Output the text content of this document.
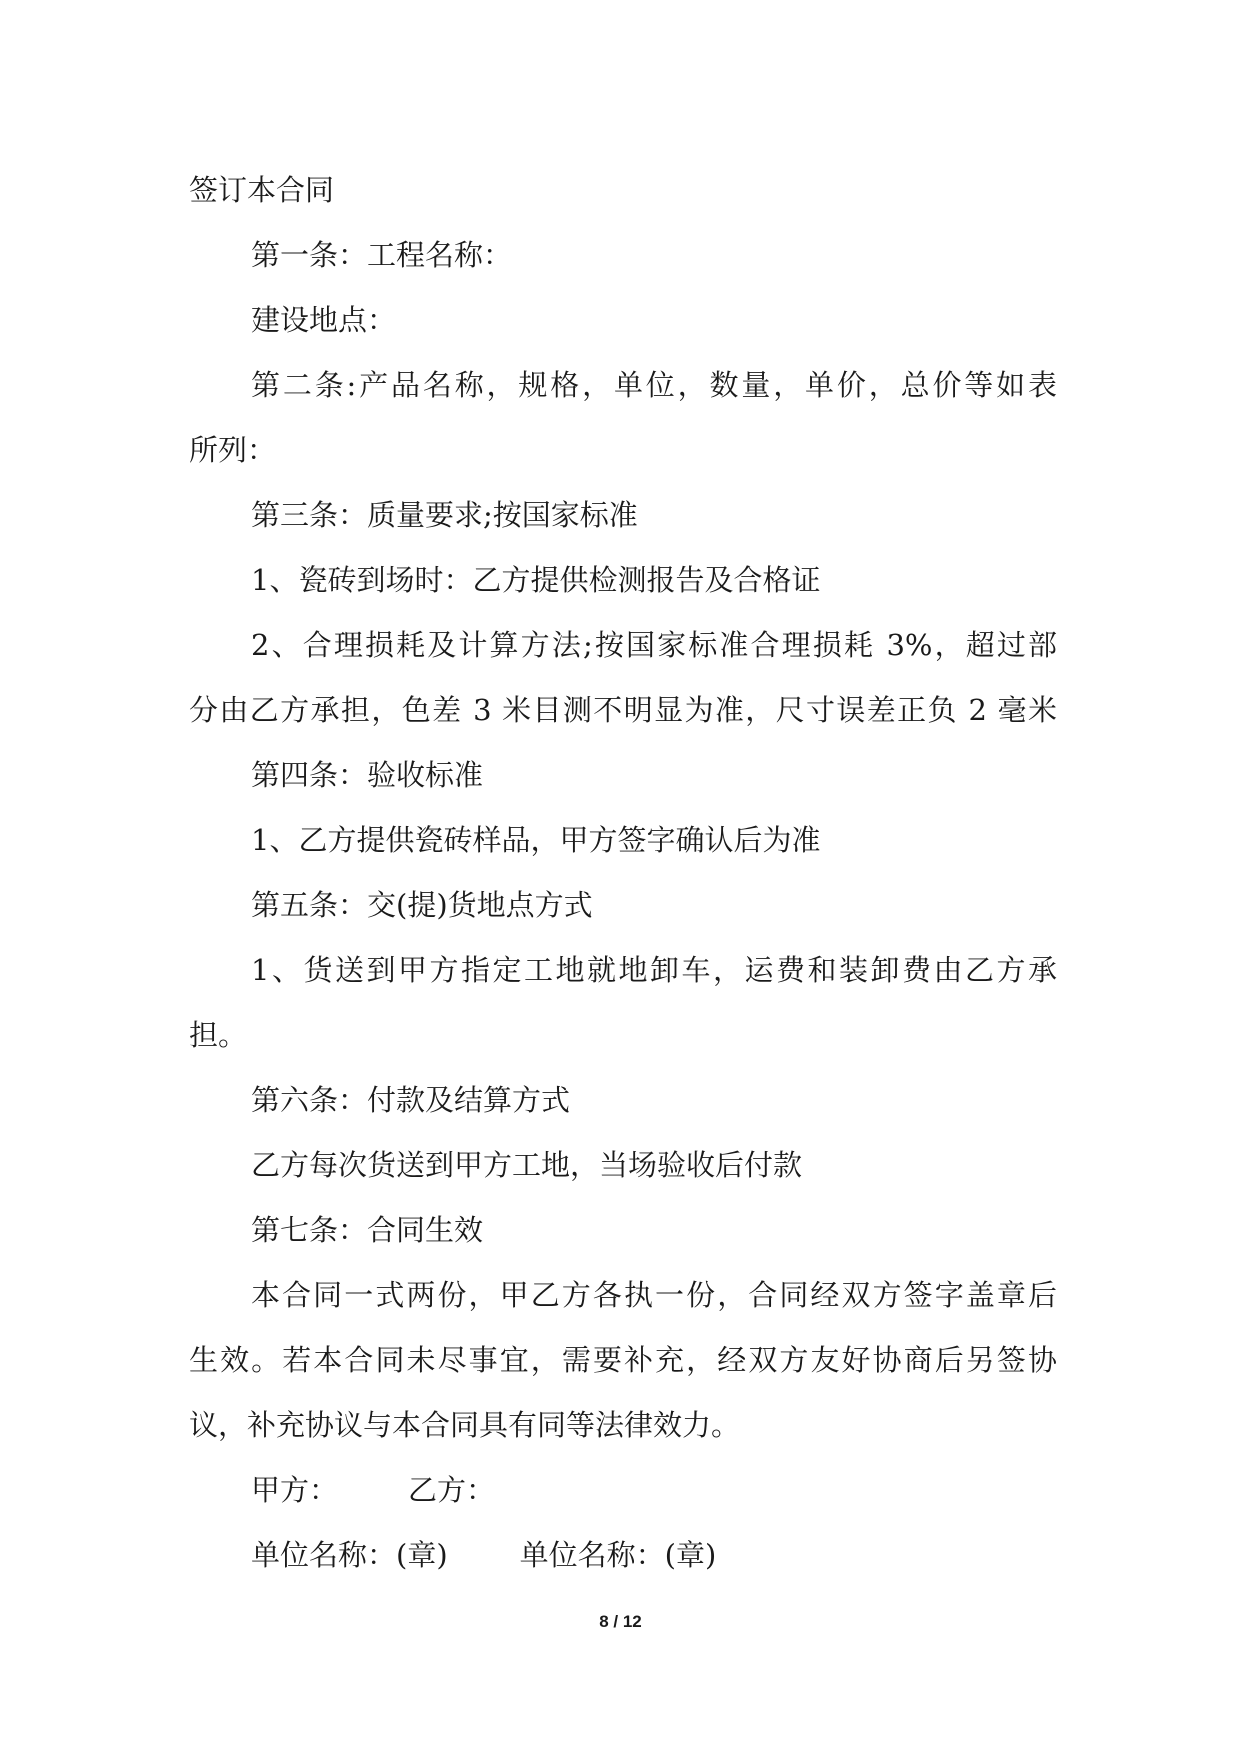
签订本合同
第一条：工程名称：
建设地点：
第二条:产品名称，规格，单位，数量，单价，总价等如表
所列：
第三条：质量要求;按国家标准
1、瓷砖到场时：乙方提供检测报告及合格证
2、合理损耗及计算方法;按国家标准合理损耗 3%，超过部
分由乙方承担，色差 3 米目测不明显为准，尺寸误差正负 2 毫米
第四条：验收标准
1、乙方提供瓷砖样品，甲方签字确认后为准
第五条：交(提)货地点方式
1、货送到甲方指定工地就地卸车，运费和装卸费由乙方承
担。
第六条：付款及结算方式
乙方每次货送到甲方工地，当场验收后付款
第七条：合同生效
本合同一式两份，甲乙方各执一份，合同经双方签字盖章后
生效。若本合同未尽事宜，需要补充，经双方友好协商后另签协
议，补充协议与本合同具有同等法律效力。
甲方： 乙方：
单位名称：(章) 单位名称：(章)
8 / 12
